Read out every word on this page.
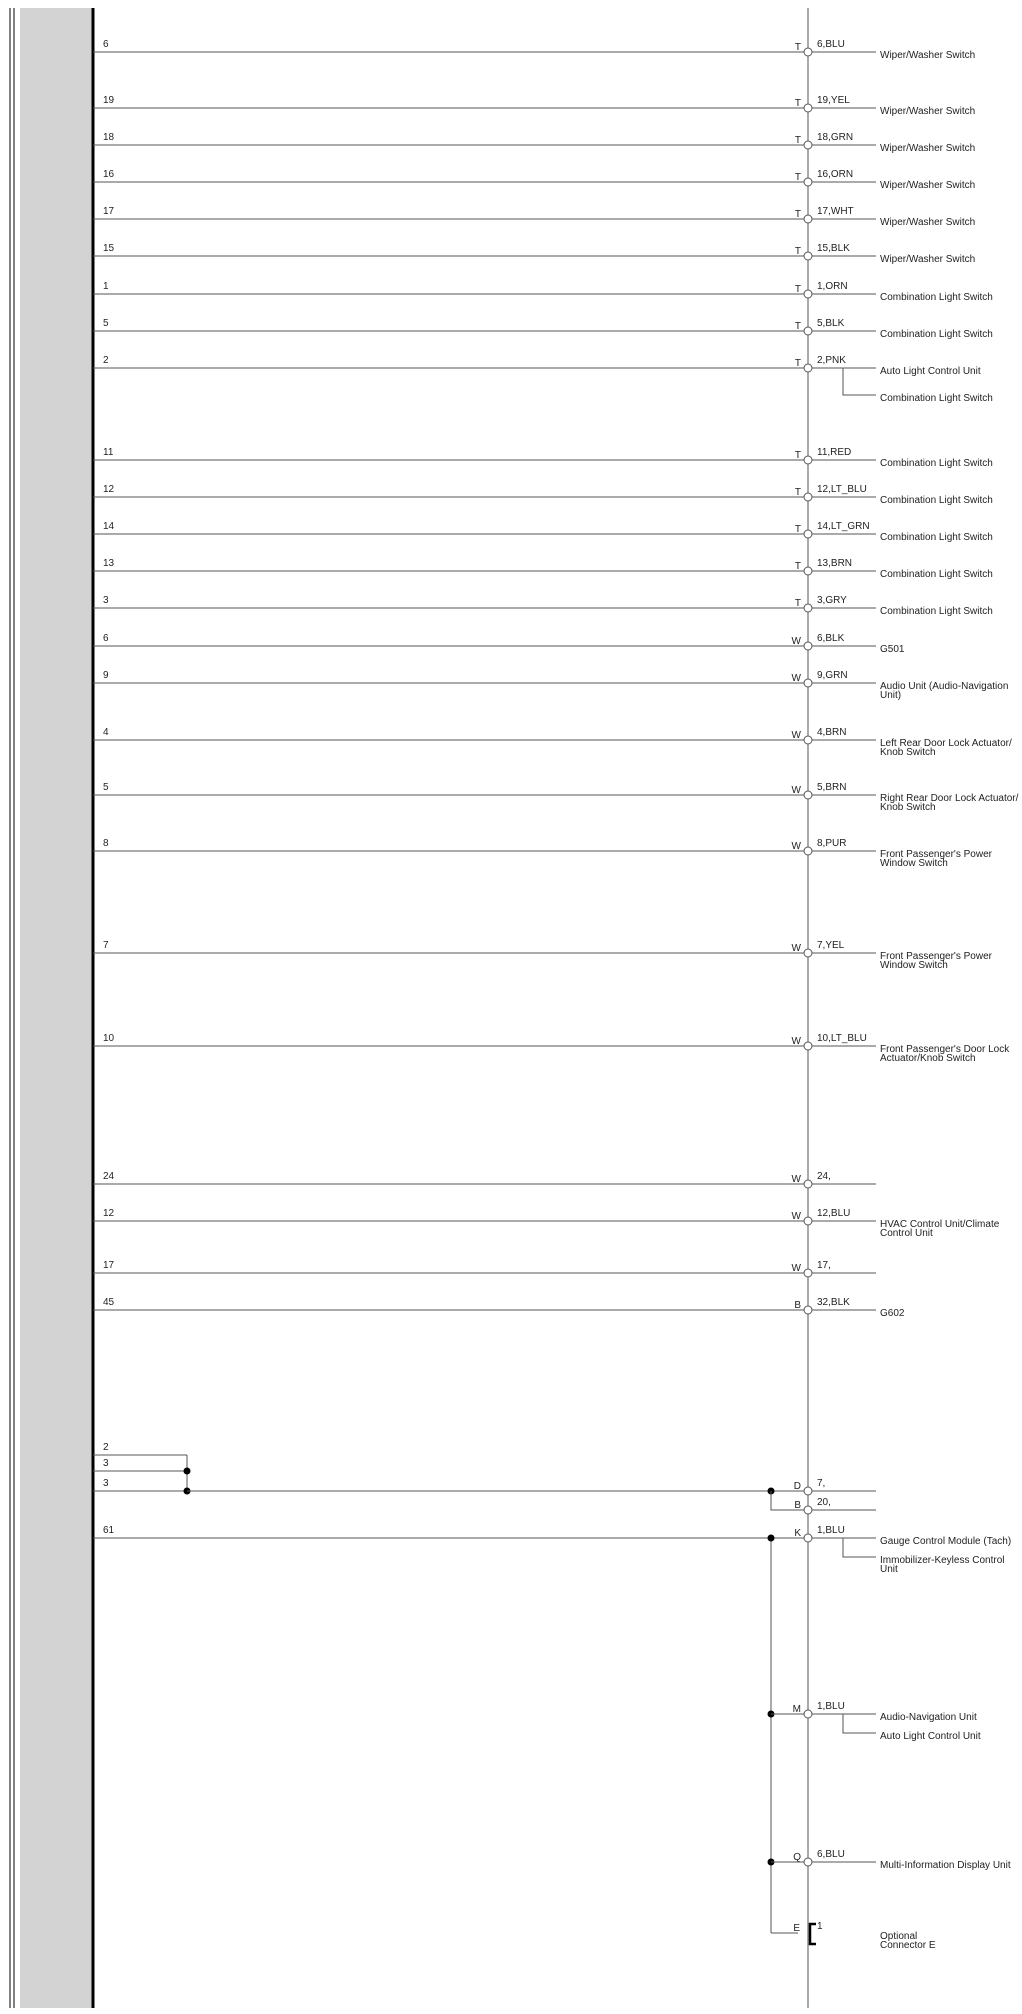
6	T 6,BLU
Wiper/Washer Switch
19	T 19,YEL
Wiper/Washer Switch
18	T 18,GRN
Wiper/Washer Switch
16	T 16,ORN
Wiper/Washer Switch
17	T 17,WHT
Wiper/Washer Switch
15	T 15,BLK
Wiper/Washer Switch
1	T 1,ORN
Combination Light Switch
5	T 5,BLK
Combination Light Switch
2	T 2,PNK
Auto Light Control Unit
Combination Light Switch
11	T 11,RED
Combination Light Switch
12	T 12,LT_BLU
Combination Light Switch
14	T 14,LT_GRN
Combination Light Switch
13	T 13,BRN
Combination Light Switch
3	T 3,GRY
Combination Light Switch
6	W 6,BLK
G501
9	W 9,GRN
Audio Unit (Audio-Navigation
Unit)
4	W 4,BRN
Left Rear Door Lock Actuator/
Knob Switch
5	W 5,BRN
Right Rear Door Lock Actuator/
Knob Switch
8	W 8,PUR
Front Passenger's Power
Window Switch
7	W 7,YEL
Front Passenger's Power
Window Switch
10	W 10,LT_BLU
Front Passenger's Door Lock
Actuator/Knob Switch
24	W 24,
12	W 12,BLU
HVAC Control Unit/Climate
Control Unit
17	W 17,
45	B 32,BLK
G602
2
3
3	D 7,
B 20,
61	K 1,BLU
Gauge Control Module (Tach)
Immobilizer-Keyless Control
Unit
M 1,BLU
Audio-Navigation Unit
Auto Light Control Unit
Q 6,BLU
Multi-Information Display Unit
E 1
Optional
Connector E
